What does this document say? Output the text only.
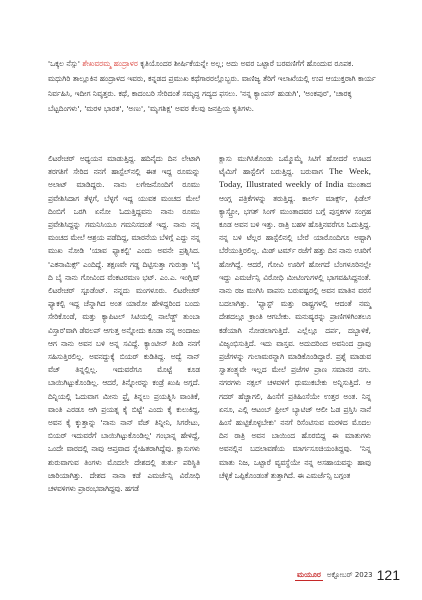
'ಒಕ್ಕಲ ನೆಸ್ಸು' ಶೇಖವರಮ್ಮ ಹಂದ್ರಾಳರ ಕೃತಿಯೊಂದರ ಶೀರ್ಷಿಕೆಯನ್ನೇ ಅಲ್ಲ; ಅದು ಅವರ ಒಟ್ಟಾರೆ ಬರವಣಿಗೆಗೆ ಹೊಂದುವ ರೂಪಕ. ಮಧುಗಿರಿ ತಾಲ್ಲೂಕಿನ ಹಂದ್ರಾಳದ ಇವರು, ಕನ್ನಡದ ಪ್ರಮುಖ ಕಥೆಗಾರರಲ್ಲೊಬ್ಬರು. ವಾಣಿಜ್ಯ ತೆರಿಗೆ ಇಲಾಖೆಯಲ್ಲಿ ಉಪ ಆಯುಕ್ತರಾಗಿ ಕಾರ್ಯ ನಿರ್ವಹಿಸಿ, ಇದೀಗ ನಿವೃತ್ತರು. ಕಥೆ, ಕಾದಂಬರಿ ಸೇರಿದಂತೆ ಸಮೃದ್ಧ ಗದ್ಯದ ಫಸಲು. 'ನನ್ನ ಕ್ಯಾಂಪಸ್ ಹುಡುಗಿ', 'ಅಂಕಪುರ', 'ಚಾರಕ್ಕ ಬೆಟ್ಟದಿಂಗಳು', 'ಮರಳ ಭಾರತ', 'ಅಣು', 'ಮೃಗಶಿಕ್ಷ' ಅವರ ಕೆಲವು ಜನಪ್ರಿಯ ಕೃತಿಗಳು.

ಲಿಟರೇಚರ್ ಅಧ್ಯಯನ ಮಾಡುತ್ತಿದ್ದ. ಹದಿನೈದು ದಿನ ಲೇಟಾಗಿ ತರಗತಿಗೆ ಸೇರಿದ ನನಗೆ ಹಾಸ್ಟೆಲ್‌ನಲ್ಲಿ ಈತ ಇದ್ದ ರೂಮನ್ನು ಅಲಾಟ್ ಮಾಡಿದ್ದರು. ನಾನು ಲಗೇಜನೊಂದಿಗೆ ರೂಮು ಪ್ರವೇಶಿಸಿದಾಗ ತೆಳ್ಳಗೆ, ಬೆಳ್ಳಗೆ ಇದ್ದ ಯುವಕ ಮಂಚದ ಮೇಲೆ ದಿಂಬಿಗೆ ಒರಗಿ ಏನೋ ಓದುತ್ತಿದ್ದವನು ನಾನು ರೂಮು ಪ್ರವೇಶಿಸಿದ್ದನ್ನು ಗಮನಿಸಿಯೂ ಗಮನಿಸದಂತೆ ಇದ್ದ. ನಾನು ನನ್ನ ಮಂಚದ ಮೇಲೆ ಆಶ್ರಯ ಪಡೆದಿದ್ದ, ಮಾರನೆಯ ಬೆಳಿಗ್ಗೆ ಎದ್ದು ನನ್ನ ಮುಖ ನೋಡಿ 'ಯಾವ ಫ್ಯಾಕಲ್ಟಿ' ಎಂದು ಅವನೇ ಪ್ರಶ್ನಿಸಿದ. 'ಎಕನಾಮಿಕ್ಸ್' ಎಂದಿದ್ದೆ. ತಕ್ಷಣವೇ ಗಡ್ಡ ದಿಟ್ಟಿಸುತ್ತಾ ಗುರುತ್ತಾ 'ಬೈ ದಿ ಬೈ ನಾನು ಗೋವಿಂದ ವೆಂಕಟರಮಣ ಭಟ್. ಎಂ.ಎ. ಇಂಗ್ಲಿಷ್ ಲಿಟರೇಚರ್ ಸ್ಟೂಡೆಂಟ್. ನನ್ನದು ಮಂಗಳೂರು. ಲಿಟರೇಚರ್ ಫ್ಯಾಕಲ್ಟಿ ಇದ್ದ ಚೆನ್ನಾಗಿದ ಅಂತ ಯಾರೋ ಹೇಳಿದ್ದರಿಂದ ಬಂದು ಸೇರಿಕೊಂಡೆ, ಮತ್ತು ಕ್ಯಾಪಿಟಲ್ ಸಿಟಿಯಲ್ಲಿ ನಾಲೆಡ್ಜ್ ತುಂಬಾ ವಿಸ್ತಾರ'ವಾಗಿ ಡೆವಲಪ್ ಆಗುತ್ತ ಅನ್ನೋದು ಕೂಡಾ ನನ್ನ ಅಂದಾಜು ಆಗ ನಾನು ಅವನ ಬಳಿ ಅನ್ನ ಸವಿದ್ದೆ. ಕ್ಯಾಂಟೀನ್ ತಿಂಡಿ ನನಗೆ ಸಹಿಸುತ್ತಿರಲಿಲ್ಲ. ಅವನದ್ದುಕ್ಕೆ ಬಿಯರ್ ಕುಡಿತಿದ್ದ. ಅದ್ವೆ ನಾನ್ ವೆಜ್ ತಿನ್ನಲ್ಲಿಲ್ಲ. ಇದುವರೆಗೂ ಮೊಟ್ಟೆ ಕೂಡ ಬಾಯಿಗಿಟ್ಟುಕೊಂಡಿಲ್ಲ. ಆದರೆ, ತಿನ್ನೋರನ್ನು ಕಂಡ್ರೆ ಖುಷಿ ಅಗ್ಗದೆ. ದಿನ್ನಿಯಲ್ಲಿ ಓದುವಾಗ ಮೀನು ಫ್ರೈ ತಿನ್ನಲು ಪ್ರಯತ್ನಿಸಿ ವಾಂತಿಕೆ, ವಾಂತಿ ಎರಡೂ ಆಗಿ ಪ್ರಯತ್ನ ಕೈ ಬಿಟ್ಟೆ' ಎಂದು ಕೈ ಕುಲುಕಿದ್ದ, ಅವನ ಕೈ ಕ್ಕುತ್ತಾನ್ನು 'ನಾನು ನಾನ್ ವೆಜ್ ತಿನ್ನೀನಿ, ಸಿಗರೇಟು, ಬಿಯರ್ ಇದುವರೆಗೆ ಬಾಯಿಗಿಟ್ಟುಕೊಂಡಿಲ್ಲ' ಗಂಭಾನ್ನ ಹೇಳಿದ್ದೆ, ಒಂದೇ ವಾರದಲ್ಲಿ ನಾವು ಆಪ್ತವಾದ ಸ್ನೇಹಿತರಾಗಿದ್ದೆವು. ಕ್ಲಾಸುಗಳು ಶುರುವಾಗುವ ತಿಂಗಳು ಮೊದಲೇ ದೇಶದಲ್ಲಿ ತುರ್ತು ಪರಿಸ್ಥಿತಿ ಜಾರಿಯಾಗಿತ್ತು. ದೇಶದ ನಾನಾ ಕಡೆ ಎಮರ್ಜೆನ್ಸಿ ವಿರೋಧಿ ಚಳವಳಿಗಳು ಪ್ರಾರಂಭವಾಗಿದ್ದವು. ಹಗಡೆ

ಕ್ಲಾಸು ಮುಗಿಸಿಕೊಂಡು ಒಮ್ಮೊಮ್ಮೆ ಸಿಟಿಗೆ ಹೋದರೆ ಊಟದ ಟೈಮಿಗೆ ಹಾಸ್ಟೆಲಿಗೆ ಬರುತ್ತಿದ್ದ. ಬರುವಾಗ The Week, Today, Illustrated weekly of India ಮುಂತಾದ ಆಂಗ್ಲ ಪತ್ರಿಕೆಗಳನ್ನು ತರುತ್ತಿದ್ದ. ಕಾರ್ಲ್ ಮಾರ್ಕ್ಸ್, ಫಿಡೆಲ್ ಕ್ಯಾಸ್ಟ್ರೋ, ಭಗತ್ ಸಿಂಗ್ ಮುಂತಾದವರ ಬಗ್ಗೆ ಪುಸ್ತಕಗಳ ಸಂಗ್ರಹ ಕೂಡ ಅವನ ಬಳಿ ಇತ್ತು. ರಾತ್ರಿ ಬಹಳ ಹೊತ್ತಿನವರೆಗೂ ಓದುತ್ತಿದ್ದ. ನನ್ನ ಬಳಿ ಟೆಲ್ಲರ ಹಾಸ್ಟೆಲಿನಲ್ಲಿ ಬೇರೆ ಯಾರೊಂದಿಗೂ ಅಷ್ಟಾಗಿ ಬೆರೆಯುತ್ತಿರಲಿಲ್ಲ. ಮಿಡ್ ಟರ್ಮ್ ರಜೆಗೆ ಹತ್ತು ದಿನ ನಾನು ಊರಿಗೆ ಹೋಗಿದ್ದೆ. ಆದರೆ, ಗೋವಿ ಊರಿಗೆ ಹೋಗದೆ ಬೆಂಗಳೂರಿನಲ್ಲೇ ಇದ್ದು ಎಮರ್ಜೆನ್ಸಿ ವಿರೋಧಿ ಮೀಟಿಂಗುಗಳಲ್ಲಿ ಭಾಗವಹಿಸಿದ್ದನಂತೆ. ನಾನು ರಜ ಮುಗಿಸಿ ವಾಪಸು ಬರುವಷ್ಟರಲ್ಲಿ ಅವನ ಮಾತಿನ ವರಸೆ ಬದಲಾಗಿತ್ತು. 'ಫ್ಯಾಸ್ಟ್ ಮತ್ತು ರಾಷ್ಟ್ರಗಳಲ್ಲಿ ಆದಂತೆ ನಮ್ಮ ದೇಶದಲ್ಲೂ ಕ್ರಾಂತಿ ಆಗಬೇಕು. ಮನುಷ್ಯರನ್ನು ಪ್ರಾಣಿಗಳಿಗಿಂತಲೂ ಕಡೆಯಾಗಿ ನೋಡಲಾಗುತ್ತಿದೆ. ಎಲ್ಲೆಲ್ಲೂ ದರ್ಪ, ದಬ್ಬಾಳಿಕೆ, ವಿಜೃಂಭಿಸುತ್ತಿದೆ. ಇದು ವಾಸ್ತವ. ಅದುದರಿಂದ ಅವನಿಂದ ದ್ರಾವು ಪ್ರಜೆಗಳನ್ನು ಗುಲಾಮರನ್ನಾಗಿ ಮಾಡಿಕೊಂಡಿದ್ದಾರೆ. ಪ್ರಶ್ನೆ ಮಾಡುವ ಸ್ವಾತಂತ್ರ್ಯವೇ ಇಲ್ಲದ ಮೇಲೆ ಪ್ರಜೆಗಳ ಪ್ರಾಣ ಸಮಾನರ ನಗು. ನಗರಗಳು ನಕ್ಸಲ್ ಚಳವಳಿಗೆ ಧುಮುಕಬೇಕು ಅನ್ನಿಸುತ್ತಿದೆ. ಆ ಗದರ್ ಹೆಚ್ಚಾಗಲಿ, ಹಿಂಸೆಗೆ ಪ್ರತಿಹಿಂಸೆಯೇ ಉತ್ತರ ಅಂತ. ನಿನ್ನ ಏನೂ, ಎಲ್ಲಿ ಆಟಂಬ್ ಫ್ರೀಲ್ ಬ್ಯಾಟಿಜ್ ಆಲೀ ಓಡ ಪ್ರಸ್ತಿಸಿ ನಾನೆ ಹಿಂಸೆ ಹುಟ್ಟಿಕೊಳ್ಳಬೇಕು' ನನಗೆ ರಿಸೆಂಟಿಸುವ ಮರಳಿದ ಮೊದಲ ದಿನ ರಾತ್ರಿ ಅವನ ಬಾಯಿಂದ ಹೊರಬಿದ್ದ ಈ ಮಾತುಗಳು ಅವನಲ್ಲಿನ ಬದಲಾವಣೆಯ ಮಾರ್ಗಸೂಚಿಯಂತಿದ್ದವು. 'ನಿನ್ನ ಮಾತು ನಿಜ, ಒಟ್ಟಾರೆ ವ್ಯವಸ್ಥೆಯೇ ನನ್ನ ಅಸಹಾಯವನ್ನು ಹಾವು ಚೆಳ್ಳಿಕೆ ಒಪ್ಪಿಕೊಂಡಂತೆ ತುತ್ತಾಗಿದೆ. ಈ ಎಮರ್ಜೆನ್ಸಿ ಬಗ್ಗಂತ

ಮಯೂರ ಅಕ್ಟೋಬರ್ 2023 121
